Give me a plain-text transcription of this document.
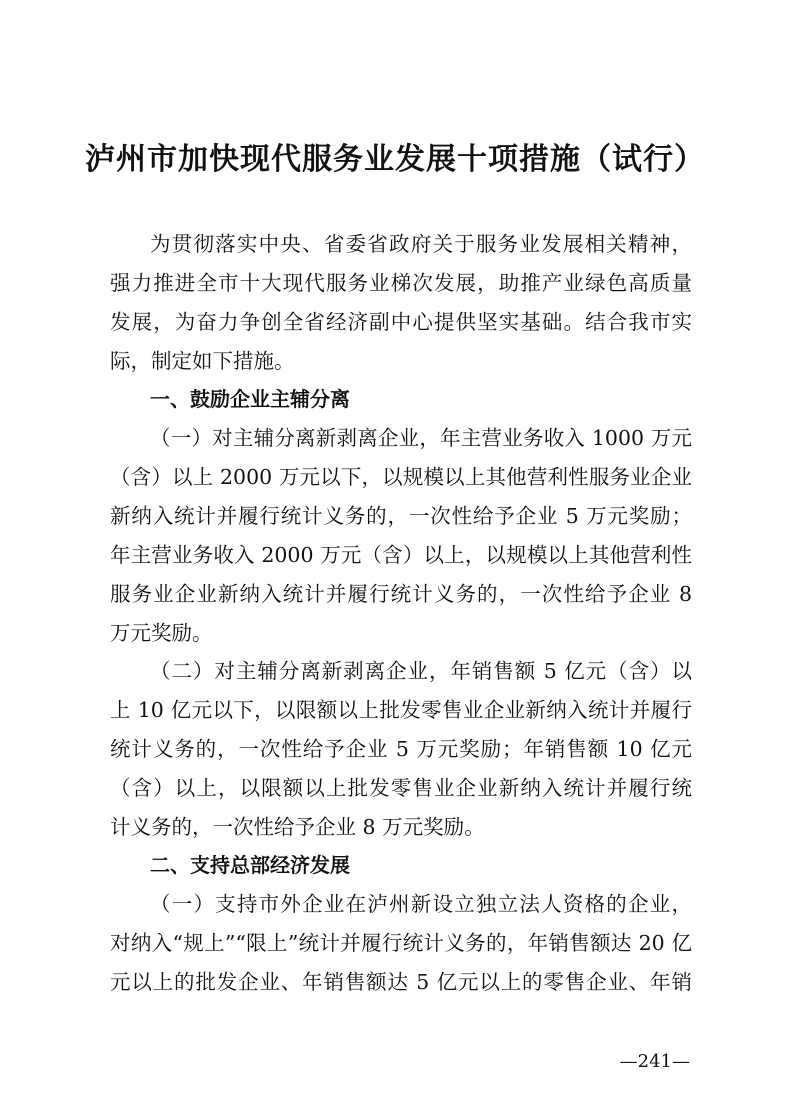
泸州市加快现代服务业发展十项措施（试行）
为贯彻落实中央、省委省政府关于服务业发展相关精神，
强力推进全市十大现代服务业梯次发展，助推产业绿色高质量
发展，为奋力争创全省经济副中心提供坚实基础。结合我市实
际，制定如下措施。
一、鼓励企业主辅分离
（一）对主辅分离新剥离企业，年主营业务收入 1000 万元
（含）以上 2000 万元以下，以规模以上其他营利性服务业企业
新纳入统计并履行统计义务的，一次性给予企业 5 万元奖励；
年主营业务收入 2000 万元（含）以上，以规模以上其他营利性
服务业企业新纳入统计并履行统计义务的，一次性给予企业 8
万元奖励。
（二）对主辅分离新剥离企业，年销售额 5 亿元（含）以
上 10 亿元以下，以限额以上批发零售业企业新纳入统计并履行
统计义务的，一次性给予企业 5 万元奖励；年销售额 10 亿元
（含）以上，以限额以上批发零售业企业新纳入统计并履行统
计义务的，一次性给予企业 8 万元奖励。
二、支持总部经济发展
（一）支持市外企业在泸州新设立独立法人资格的企业，
对纳入“规上”“限上”统计并履行统计义务的，年销售额达 20 亿
元以上的批发企业、年销售额达 5 亿元以上的零售企业、年销
—241—
